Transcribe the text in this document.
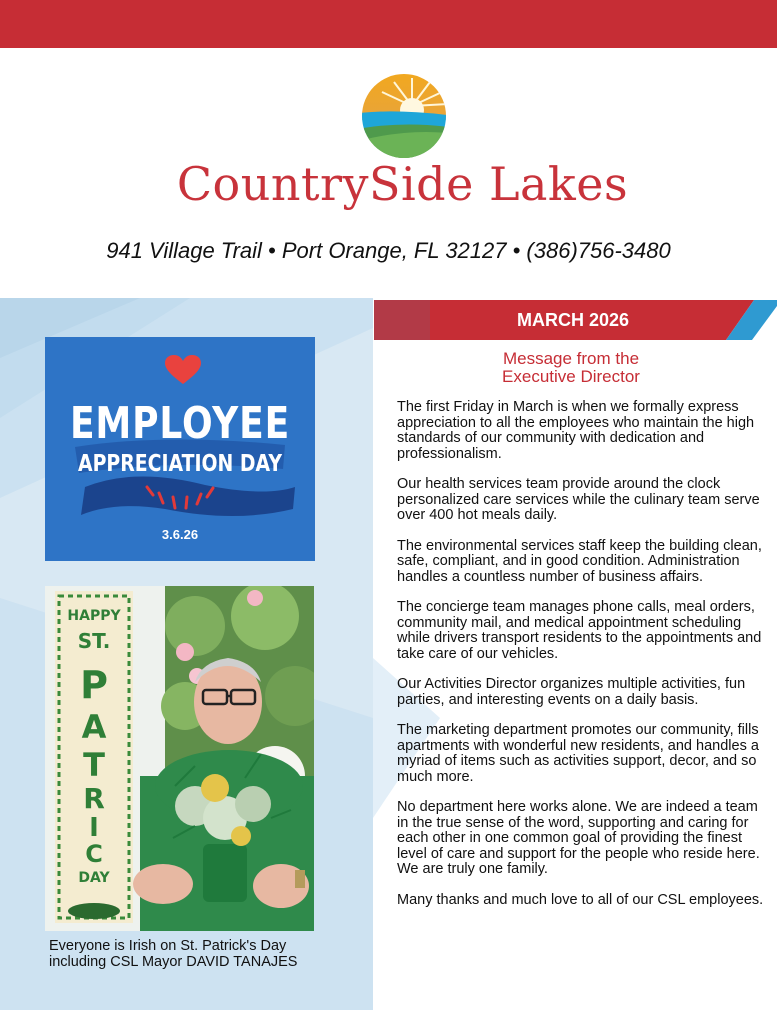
CountrySide Lakes
941 Village Trail • Port Orange, FL 32127 • (386)756-3480
EMPLOYEE
APPRECIATION DAY
3.6.26
HAPPY
ST.
P
A
T
R
I
C
DAY
Everyone is Irish on St. Patrick's Day
including CSL Mayor DAVID TANAJES
MARCH 2026
Message from the
Executive Director

The first Friday in March is when we formally express appreciation to all the employees who maintain the high standards of our community with dedication and professionalism.

Our health services team provide around the clock personalized care services while the culinary team serve over 400 hot meals daily.

The environmental services staff keep the building clean, safe, compliant, and in good condition. Administration handles a countless number of business affairs.

The concierge team manages phone calls, meal orders, community mail, and medical appointment scheduling while drivers transport residents to the appointments and take care of our vehicles.

Our Activities Director organizes multiple activities, fun parties, and interesting events on a daily basis.

The marketing department promotes our community, fills apartments with wonderful new residents, and handles a myriad of items such as activities support, decor, and so much more.

No department here works alone. We are indeed a team in the true sense of the word, supporting and caring for each other in one common goal of providing the finest level of care and support for the people who reside here. We are truly one family.

Many thanks and much love to all of our CSL employees.
